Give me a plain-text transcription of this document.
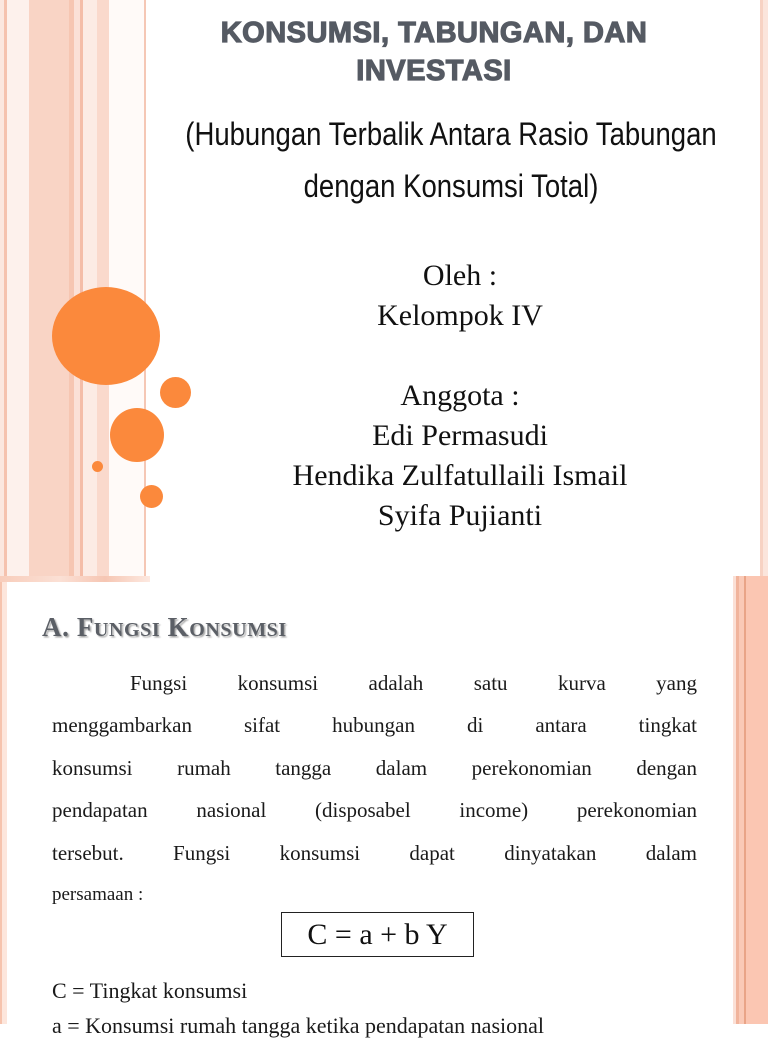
KONSUMSI, TABUNGAN, DAN
INVESTASI
(Hubungan Terbalik Antara Rasio Tabungan
dengan Konsumsi Total)
Oleh :
Kelompok IV
Anggota :
Edi Permasudi
Hendika Zulfatullaili Ismail
Syifa Pujianti
A. FUNGSI KONSUMSI
Fungsi konsumsi adalah satu kurva yang
menggambarkan sifat hubungan di antara tingkat
konsumsi rumah tangga dalam perekonomian dengan
pendapatan nasional (disposabel income) perekonomian
tersebut. Fungsi konsumsi dapat dinyatakan dalam
persamaan :
C = a + b Y
C = Tingkat konsumsi
a = Konsumsi rumah tangga ketika pendapatan nasional
